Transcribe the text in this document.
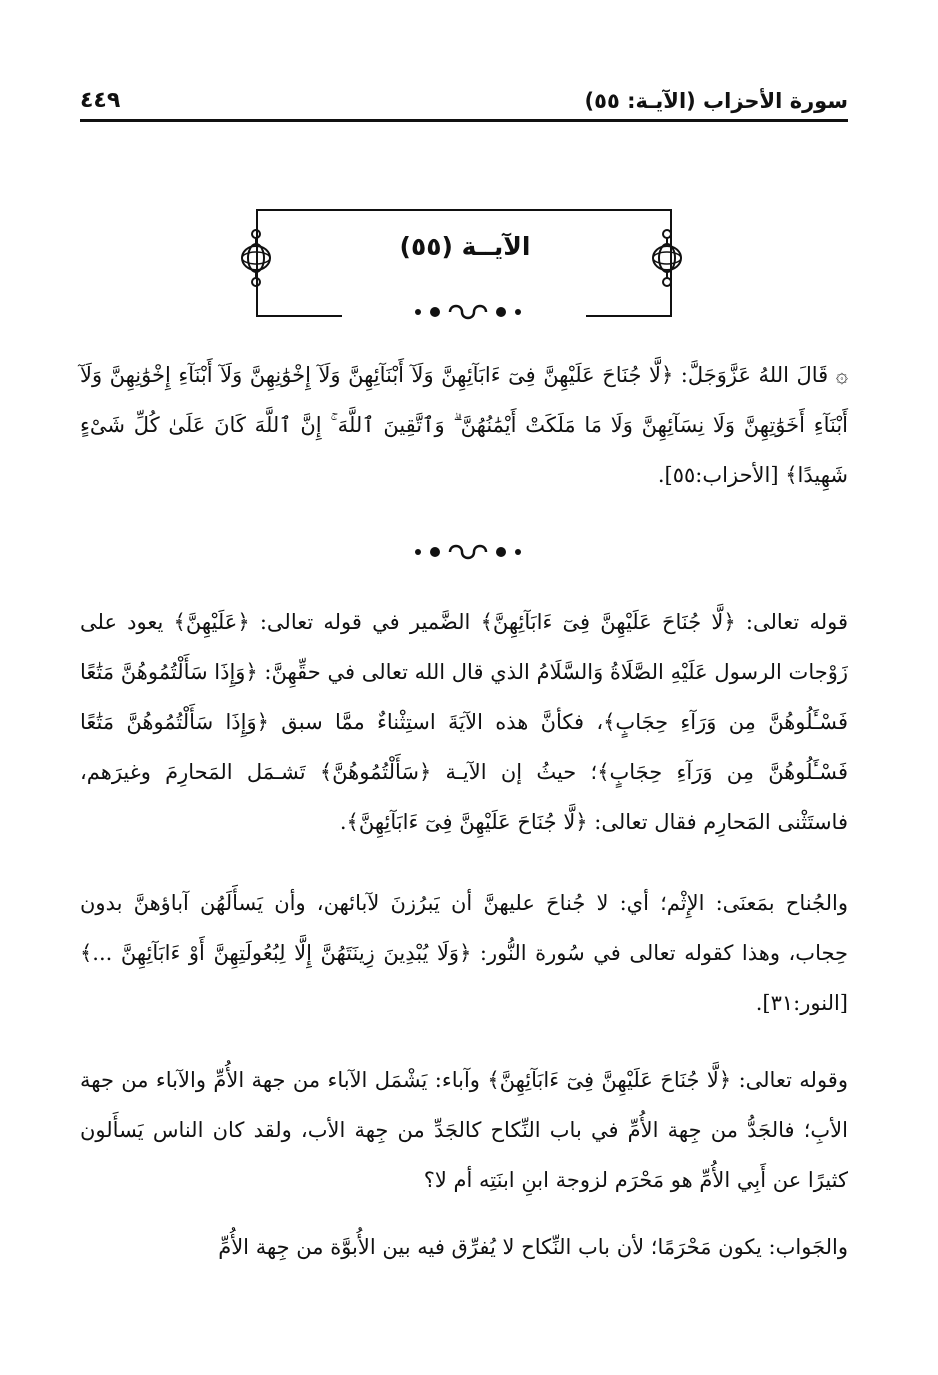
سورة الأحزاب (الآيـة: ٥٥)
٤٤٩
الآيــة (٥٥)

۞ قَالَ اللهُ عَزَّوَجَلَّ: ﴿لَّا جُنَاحَ عَلَيْهِنَّ فِىٓ ءَابَآئِهِنَّ وَلَآ أَبْنَآئِهِنَّ وَلَآ إِخْوَٰنِهِنَّ وَلَآ أَبْنَآءِ إِخْوَٰنِهِنَّ وَلَآ أَبْنَآءِ أَخَوَٰتِهِنَّ وَلَا نِسَآئِهِنَّ وَلَا مَا مَلَكَتْ أَيْمَٰنُهُنَّ ۗ وَٱتَّقِينَ ٱللَّهَ ۚ إِنَّ ٱللَّهَ كَانَ عَلَىٰ كُلِّ شَىْءٍ شَهِيدًا﴾ [الأحزاب:٥٥].

قوله تعالى: ﴿لَّا جُنَاحَ عَلَيْهِنَّ فِىٓ ءَابَآئِهِنَّ﴾ الضَّمير في قوله تعالى: ﴿عَلَيْهِنَّ﴾ يعود على زَوْجات الرسول عَلَيْهِ الصَّلَاةُ وَالسَّلَامُ الذي قال الله تعالى في حقِّهِنَّ: ﴿وَإِذَا سَأَلْتُمُوهُنَّ مَتَٰعًا فَسْـَٔلُوهُنَّ مِن وَرَآءِ حِجَابٍ﴾، فكأنَّ هذه الآيَةَ استِثْناءٌ ممَّا سبق ﴿وَإِذَا سَأَلْتُمُوهُنَّ مَتَٰعًا فَسْـَٔلُوهُنَّ مِن وَرَآءِ حِجَابٍ﴾؛ حيثُ إن الآيـة ﴿سَأَلْتُمُوهُنَّ﴾ تَشـمَل المَحارِمَ وغيرَهم، فاستَثْنى المَحارِم فقال تعالى: ﴿لَّا جُنَاحَ عَلَيْهِنَّ فِىٓ ءَابَآئِهِنَّ﴾.

والجُناح بمَعنَى: الإِثْم؛ أي: لا جُناحَ عليهنَّ أن يَبرُزنَ لآبائهن، وأن يَسأَلَهُن آباؤهنَّ بدون حِجاب، وهذا كقوله تعالى في سُورة النُّور: ﴿وَلَا يُبْدِينَ زِينَتَهُنَّ إِلَّا لِبُعُولَتِهِنَّ أَوْ ءَابَآئِهِنَّ ...﴾ [النور:٣١].

وقوله تعالى: ﴿لَّا جُنَاحَ عَلَيْهِنَّ فِىٓ ءَابَآئِهِنَّ﴾ وآباء: يَشْمَل الآباء من جهة الأُمِّ والآباء من جهة الأبِ؛ فالجَدُّ من جِهة الأُمِّ في باب النِّكاح كالجَدِّ من جِهة الأب، ولقد كان الناس يَسأَلون كثيرًا عن أَبِي الأُمِّ هو مَحْرَم لزوجة ابنِ ابنَتِه أم لا؟

والجَواب: يكون مَحْرَمًا؛ لأن باب النِّكاح لا يُفرِّق فيه بين الأُبوَّة من جِهة الأُمِّ
